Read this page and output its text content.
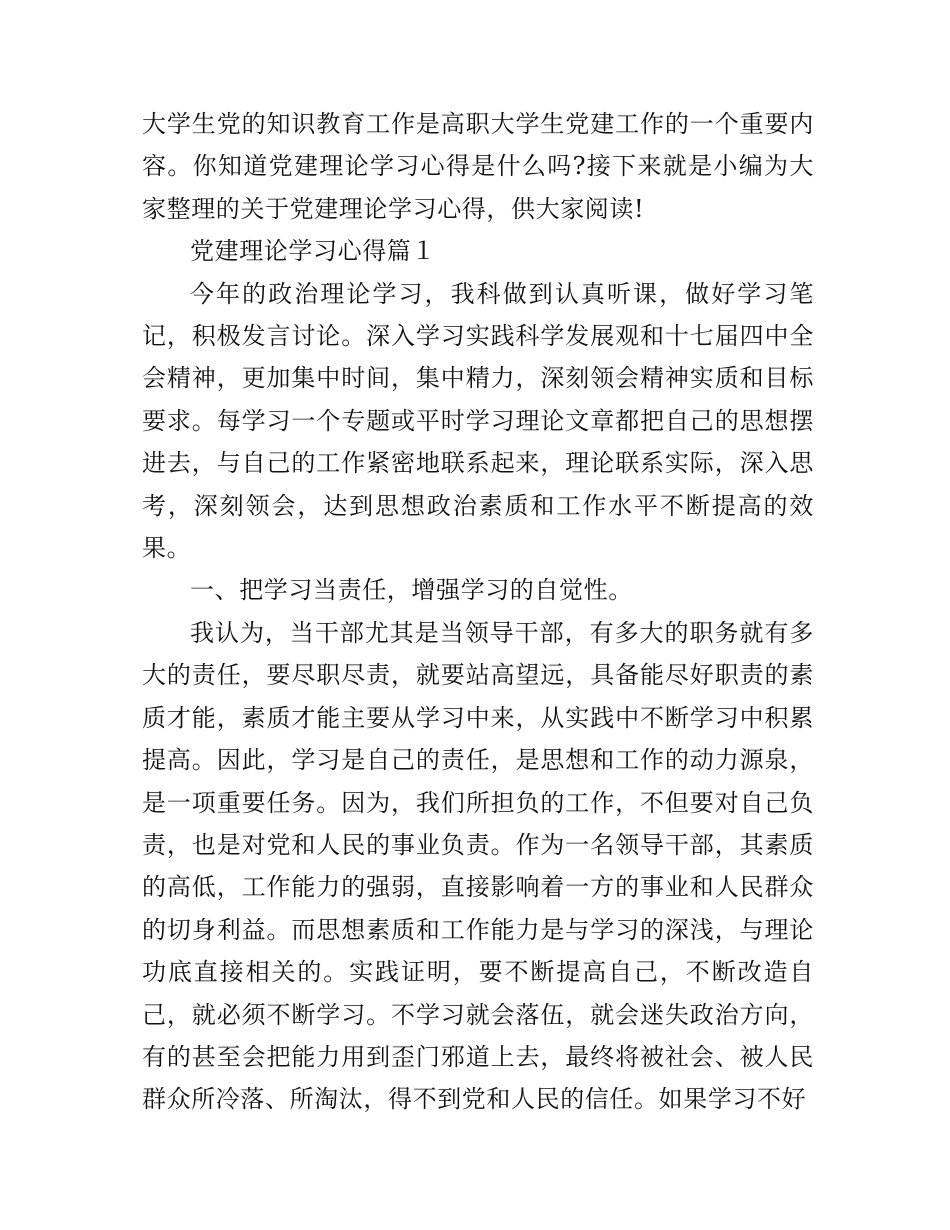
大学生党的知识教育工作是高职大学生党建工作的一个重要内容。你知道党建理论学习心得是什么吗?接下来就是小编为大家整理的关于党建理论学习心得，供大家阅读!

党建理论学习心得篇１

今年的政治理论学习，我科做到认真听课，做好学习笔记，积极发言讨论。深入学习实践科学发展观和十七届四中全会精神，更加集中时间，集中精力，深刻领会精神实质和目标要求。每学习一个专题或平时学习理论文章都把自己的思想摆进去，与自己的工作紧密地联系起来，理论联系实际，深入思考，深刻领会，达到思想政治素质和工作水平不断提高的效果。

一、把学习当责任，增强学习的自觉性。

我认为，当干部尤其是当领导干部，有多大的职务就有多大的责任，要尽职尽责，就要站高望远，具备能尽好职责的素质才能，素质才能主要从学习中来，从实践中不断学习中积累提高。因此，学习是自己的责任，是思想和工作的动力源泉，是一项重要任务。因为，我们所担负的工作，不但要对自己负责，也是对党和人民的事业负责。作为一名领导干部，其素质的高低，工作能力的强弱，直接影响着一方的事业和人民群众的切身利益。而思想素质和工作能力是与学习的深浅，与理论功底直接相关的。实践证明，要不断提高自己，不断改造自己，就必须不断学习。不学习就会落伍，就会迷失政治方向，有的甚至会把能力用到歪门邪道上去，最终将被社会、被人民群众所冷落、所淘汰，得不到党和人民的信任。如果学习不好
